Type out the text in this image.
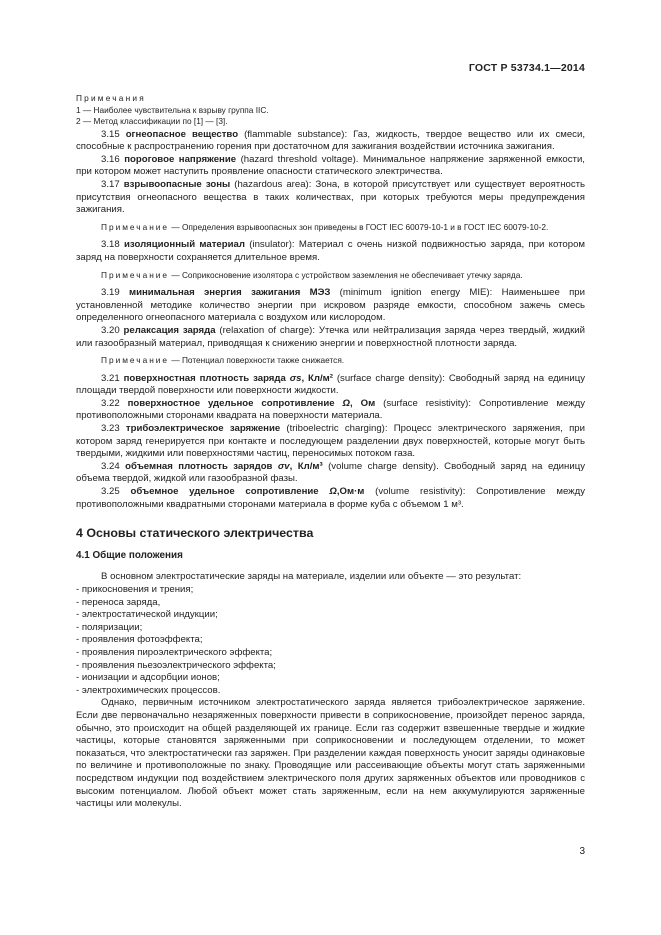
ГОСТ Р 53734.1—2014

Примечания

1 — Наиболее чувствительна к взрыву группа IIC.

2 — Метод классификации по [1] — [3].

3.15 огнеопасное вещество (flammable substance): Газ, жидкость, твердое вещество или их смеси, способные к распространению горения при достаточном для зажигания воздействии источника зажигания.

3.16 пороговое напряжение (hazard threshold voltage). Минимальное напряжение заряженной емкости, при котором может наступить проявление опасности статического электричества.

3.17 взрывоопасные зоны (hazardous area): Зона, в которой присутствует или существует вероятность присутствия огнеопасного вещества в таких количествах, при которых требуются меры предупреждения зажигания.

Примечание — Определения взрывоопасных зон приведены в ГОСТ IEC 60079-10-1 и в ГОСТ IEC 60079-10-2.

3.18 изоляционный материал (insulator): Материал с очень низкой подвижностью заряда, при котором заряд на поверхности сохраняется длительное время.

Примечание — Соприкосновение изолятора с устройством заземления не обеспечивает утечку заряда.

3.19 минимальная энергия зажигания МЭЗ (minimum ignition energy MIE): Наименьшее при установленной методике количество энергии при искровом разряде емкости, способном зажечь смесь определенного огнеопасного материала с воздухом или кислородом.

3.20 релаксация заряда (relaxation of charge): Утечка или нейтрализация заряда через твердый, жидкий или газообразный материал, приводящая к снижению энергии и поверхностной плотности заряда.

Примечание — Потенциал поверхности также снижается.

3.21 поверхностная плотность заряда σs, Кл/м² (surface charge density): Свободный заряд на единицу площади твердой поверхности или поверхности жидкости.

3.22 поверхностное удельное сопротивление Ω, Ом (surface resistivity): Сопротивление между противоположными сторонами квадрата на поверхности материала.

3.23 трибоэлектрическое заряжение (triboelectric charging): Процесс электрического заряжения, при котором заряд генерируется при контакте и последующем разделении двух поверхностей, которые могут быть твердыми, жидкими или поверхностями частиц, переносимых потоком газа.

3.24 объемная плотность зарядов σv, Кл/м³ (volume charge density). Свободный заряд на единицу объема твердой, жидкой или газообразной фазы.

3.25 объемное удельное сопротивление Ω,Ом·м (volume resistivity): Сопротивление между противоположными квадратными сторонами материала в форме куба с объемом 1 м³.

4 Основы статического электричества
4.1 Общие положения

В основном электростатические заряды на материале, изделии или объекте — это результат:

- прикосновения и трения;

- переноса заряда,

- электростатической индукции;

- поляризации;

- проявления фотоэффекта;

- проявления пироэлектрического эффекта;

- проявления пьезоэлектрического эффекта;

- ионизации и адсорбции ионов;

- электрохимических процессов.

Однако, первичным источником электростатического заряда является трибоэлектрическое заряжение. Если две первоначально незаряженных поверхности привести в соприкосновение, произойдет перенос заряда, обычно, это происходит на общей разделяющей их границе. Если газ содержит взвешенные твердые и жидкие частицы, которые становятся заряженными при соприкосновении и последующем отделении, то может показаться, что электростатически газ заряжен. При разделении каждая поверхность уносит заряды одинаковые по величине и противоположные по знаку. Проводящие или рассеивающие объекты могут стать заряженными посредством индукции под воздействием электрического поля других заряженных объектов или проводников с высоким потенциалом. Любой объект может стать заряженным, если на нем аккумулируются заряженные частицы или молекулы.

3
